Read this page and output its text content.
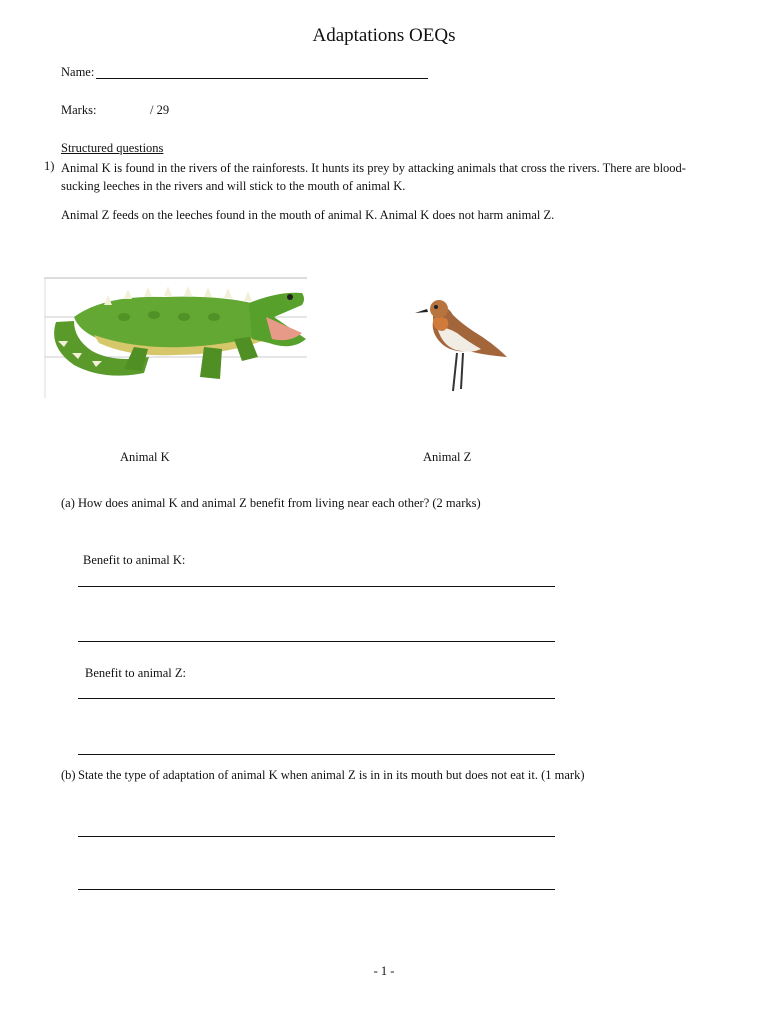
Adaptations OEQs
Name:
Marks:	/ 29
Structured questions
1) Animal K is found in the rivers of the rainforests. It hunts its prey by attacking animals that cross the rivers. There are blood-sucking leeches in the rivers and will stick to the mouth of animal K.
Animal Z feeds on the leeches found in the mouth of animal K. Animal K does not harm animal Z.
Animal K	Animal Z
(a) How does animal K and animal Z benefit from living near each other? (2 marks)
Benefit to animal K:
Benefit to animal Z:
(b) State the type of adaptation of animal K when animal Z is in in its mouth but does not eat it. (1 mark)
- 1 -
